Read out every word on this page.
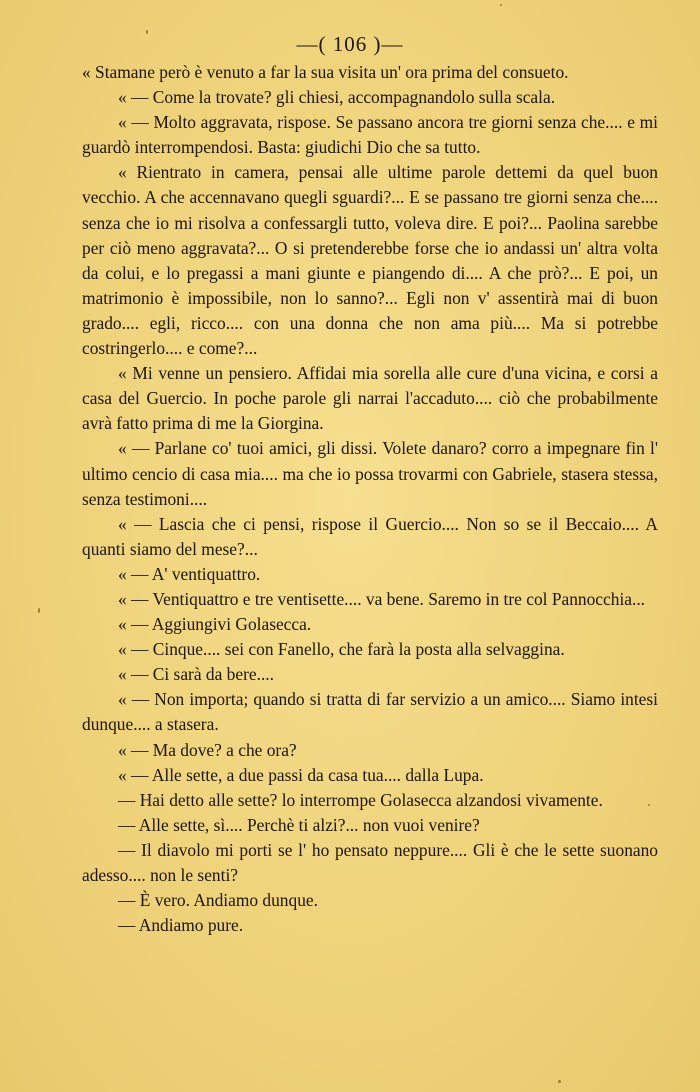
—( 106 )—

« Stamane però è venuto a far la sua visita un' ora prima del consueto.

« — Come la trovate? gli chiesi, accompagnandolo sulla scala.

« — Molto aggravata, rispose. Se passano ancora tre giorni senza che.... e mi guardò interrompendosi. Basta: giudichi Dio che sa tutto.

« Rientrato in camera, pensai alle ultime parole dettemi da quel buon vecchio. A che accennavano quegli sguardi?... E se passano tre giorni senza che.... senza che io mi risolva a confessargli tutto, voleva dire. E poi?... Paolina sarebbe per ciò meno aggravata?... O si pretenderebbe forse che io andassi un' altra volta da colui, e lo pregassi a mani giunte e piangendo di.... A che prò?... E poi, un matrimonio è impossibile, non lo sanno?... Egli non v' assentirà mai di buon grado.... egli, ricco.... con una donna che non ama più.... Ma si potrebbe costringerlo.... e come?...

« Mi venne un pensiero. Affidai mia sorella alle cure d'una vicina, e corsi a casa del Guercio. In poche parole gli narrai l'accaduto.... ciò che probabilmente avrà fatto prima di me la Giorgina.

« — Parlane co' tuoi amici, gli dissi. Volete danaro? corro a impegnare fin l' ultimo cencio di casa mia.... ma che io possa trovarmi con Gabriele, stasera stessa, senza testimoni....

« — Lascia che ci pensi, rispose il Guercio.... Non so se il Beccaio.... A quanti siamo del mese?...

« — A' ventiquattro.

« — Ventiquattro e tre ventisette.... va bene. Saremo in tre col Pannocchia...

« — Aggiungivi Golasecca.

« — Cinque.... sei con Fanello, che farà la posta alla selvaggina.

« — Ci sarà da bere....

« — Non importa; quando si tratta di far servizio a un amico.... Siamo intesi dunque.... a stasera.

« — Ma dove? a che ora?

« — Alle sette, a due passi da casa tua.... dalla Lupa.

— Hai detto alle sette? lo interrompe Golasecca alzandosi vivamente.

— Alle sette, sì.... Perchè ti alzi?... non vuoi venire?

— Il diavolo mi porti se l' ho pensato neppure.... Gli è che le sette suonano adesso.... non le senti?

— È vero. Andiamo dunque.

— Andiamo pure.
